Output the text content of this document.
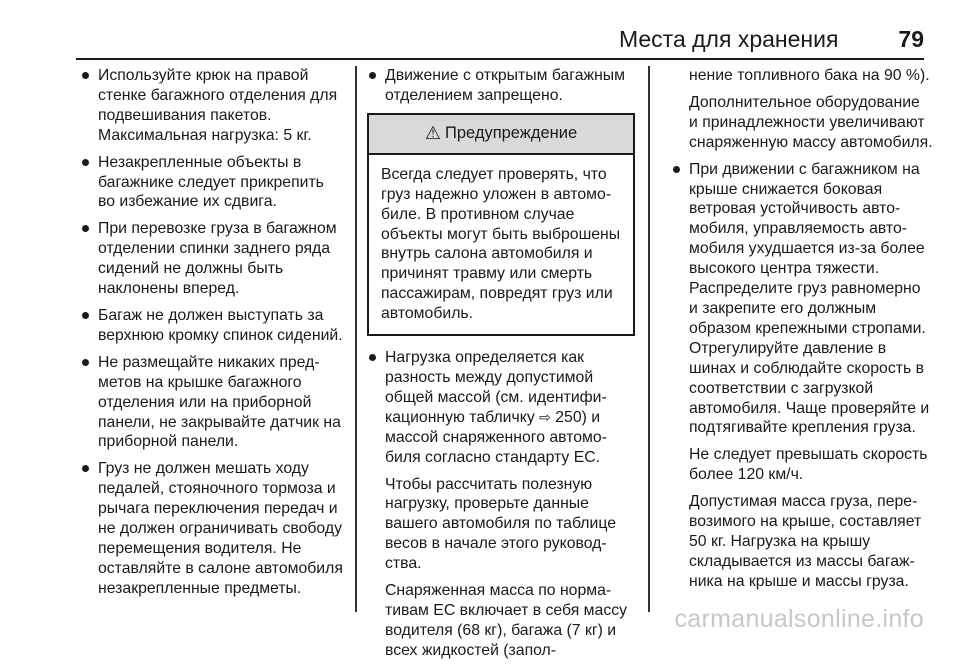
Места для хранения	79
Используйте крюк на правой стенке багажного отделения для подвешивания пакетов. Максимальная нагрузка: 5 кг.
Незакрепленные объекты в багажнике следует прикрепить во избежание их сдвига.
При перевозке груза в багажном отделении спинки заднего ряда сидений не должны быть наклонены вперед.
Багаж не должен выступать за верхнюю кромку спинок сидений.
Не размещайте никаких предметов на крышке багажного отделения или на приборной панели, не закрывайте датчик на приборной панели.
Груз не должен мешать ходу педалей, стояночного тормоза и рычага переключения передач и не должен ограничивать свободу перемещения водителя. Не оставляйте в салоне автомобиля незакрепленные предметы.
Движение с открытым багажным отделением запрещено.
⚠ Предупреждение
Всегда следует проверять, что груз надежно уложен в автомобиле. В противном случае объекты могут быть выброшены внутрь салона автомобиля и причинят травму или смерть пассажирам, повредят груз или автомобиль.
Нагрузка определяется как разность между допустимой общей массой (см. идентификационную табличку ⇨ 250) и массой снаряженного автомобиля согласно стандарту ЕС.
Чтобы рассчитать полезную нагрузку, проверьте данные вашего автомобиля по таблице весов в начале этого руководства.
Снаряженная масса по нормативам ЕС включает в себя массу водителя (68 кг), багажа (7 кг) и всех жидкостей (запол-
нение топливного бака на 90 %).
Дополнительное оборудование и принадлежности увеличивают снаряженную массу автомобиля.
При движении с багажником на крыше снижается боковая ветровая устойчивость автомобиля, управляемость автомобиля ухудшается из-за более высокого центра тяжести. Распределите груз равномерно и закрепите его должным образом крепежными стропами. Отрегулируйте давление в шинах и соблюдайте скорость в соответствии с загрузкой автомобиля. Чаще проверяйте и подтягивайте крепления груза.
Не следует превышать скорость более 120 км/ч.
Допустимая масса груза, перевозимого на крыше, составляет 50 кг. Нагрузка на крышу складывается из массы багажника на крыше и массы груза.
carmanualsonline.info
